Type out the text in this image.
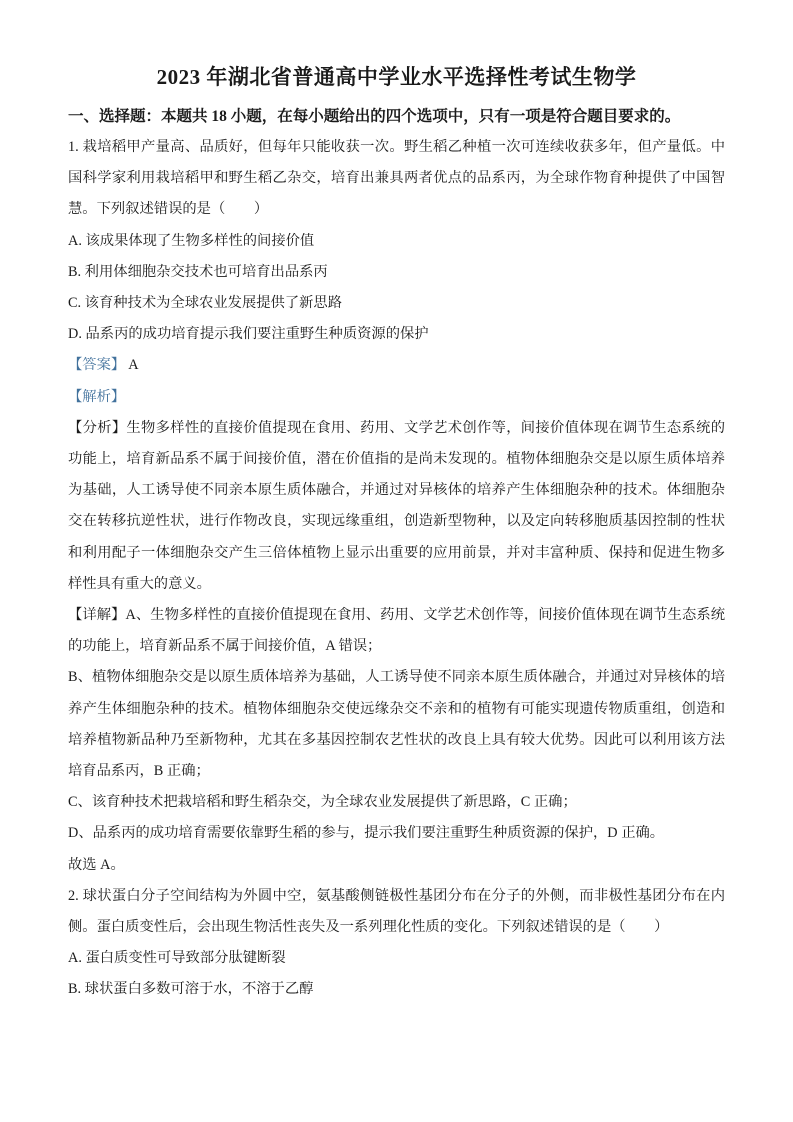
2023 年湖北省普通高中学业水平选择性考试生物学

一、选择题：本题共 18 小题，在每小题给出的四个选项中，只有一项是符合题目要求的。

1. 栽培稻甲产量高、品质好，但每年只能收获一次。野生稻乙种植一次可连续收获多年，但产量低。中国科学家利用栽培稻甲和野生稻乙杂交，培育出兼具两者优点的品系丙，为全球作物育种提供了中国智慧。下列叙述错误的是（　　）

A. 该成果体现了生物多样性的间接价值

B. 利用体细胞杂交技术也可培育出品系丙

C. 该育种技术为全球农业发展提供了新思路

D. 品系丙的成功培育提示我们要注重野生种质资源的保护

【答案】 A

【解析】

【分析】生物多样性的直接价值提现在食用、药用、文学艺术创作等，间接价值体现在调节生态系统的功能上，培育新品系不属于间接价值，潜在价值指的是尚未发现的。植物体细胞杂交是以原生质体培养为基础，人工诱导使不同亲本原生质体融合，并通过对异核体的培养产生体细胞杂种的技术。体细胞杂交在转移抗逆性状，进行作物改良，实现远缘重组，创造新型物种，以及定向转移胞质基因控制的性状和利用配子一体细胞杂交产生三倍体植物上显示出重要的应用前景，并对丰富种质、保持和促进生物多样性具有重大的意义。

【详解】A、生物多样性的直接价值提现在食用、药用、文学艺术创作等，间接价值体现在调节生态系统的功能上，培育新品系不属于间接价值，A 错误；

B、植物体细胞杂交是以原生质体培养为基础，人工诱导使不同亲本原生质体融合，并通过对异核体的培养产生体细胞杂种的技术。植物体细胞杂交使远缘杂交不亲和的植物有可能实现遗传物质重组，创造和培养植物新品种乃至新物种，尤其在多基因控制农艺性状的改良上具有较大优势。因此可以利用该方法培育品系丙，B 正确；

C、该育种技术把栽培稻和野生稻杂交，为全球农业发展提供了新思路，C 正确；

D、品系丙的成功培育需要依靠野生稻的参与，提示我们要注重野生种质资源的保护，D 正确。

故选 A。

2. 球状蛋白分子空间结构为外圆中空，氨基酸侧链极性基团分布在分子的外侧，而非极性基团分布在内侧。蛋白质变性后，会出现生物活性丧失及一系列理化性质的变化。下列叙述错误的是（　　）

A. 蛋白质变性可导致部分肽键断裂

B. 球状蛋白多数可溶于水，不溶于乙醇
